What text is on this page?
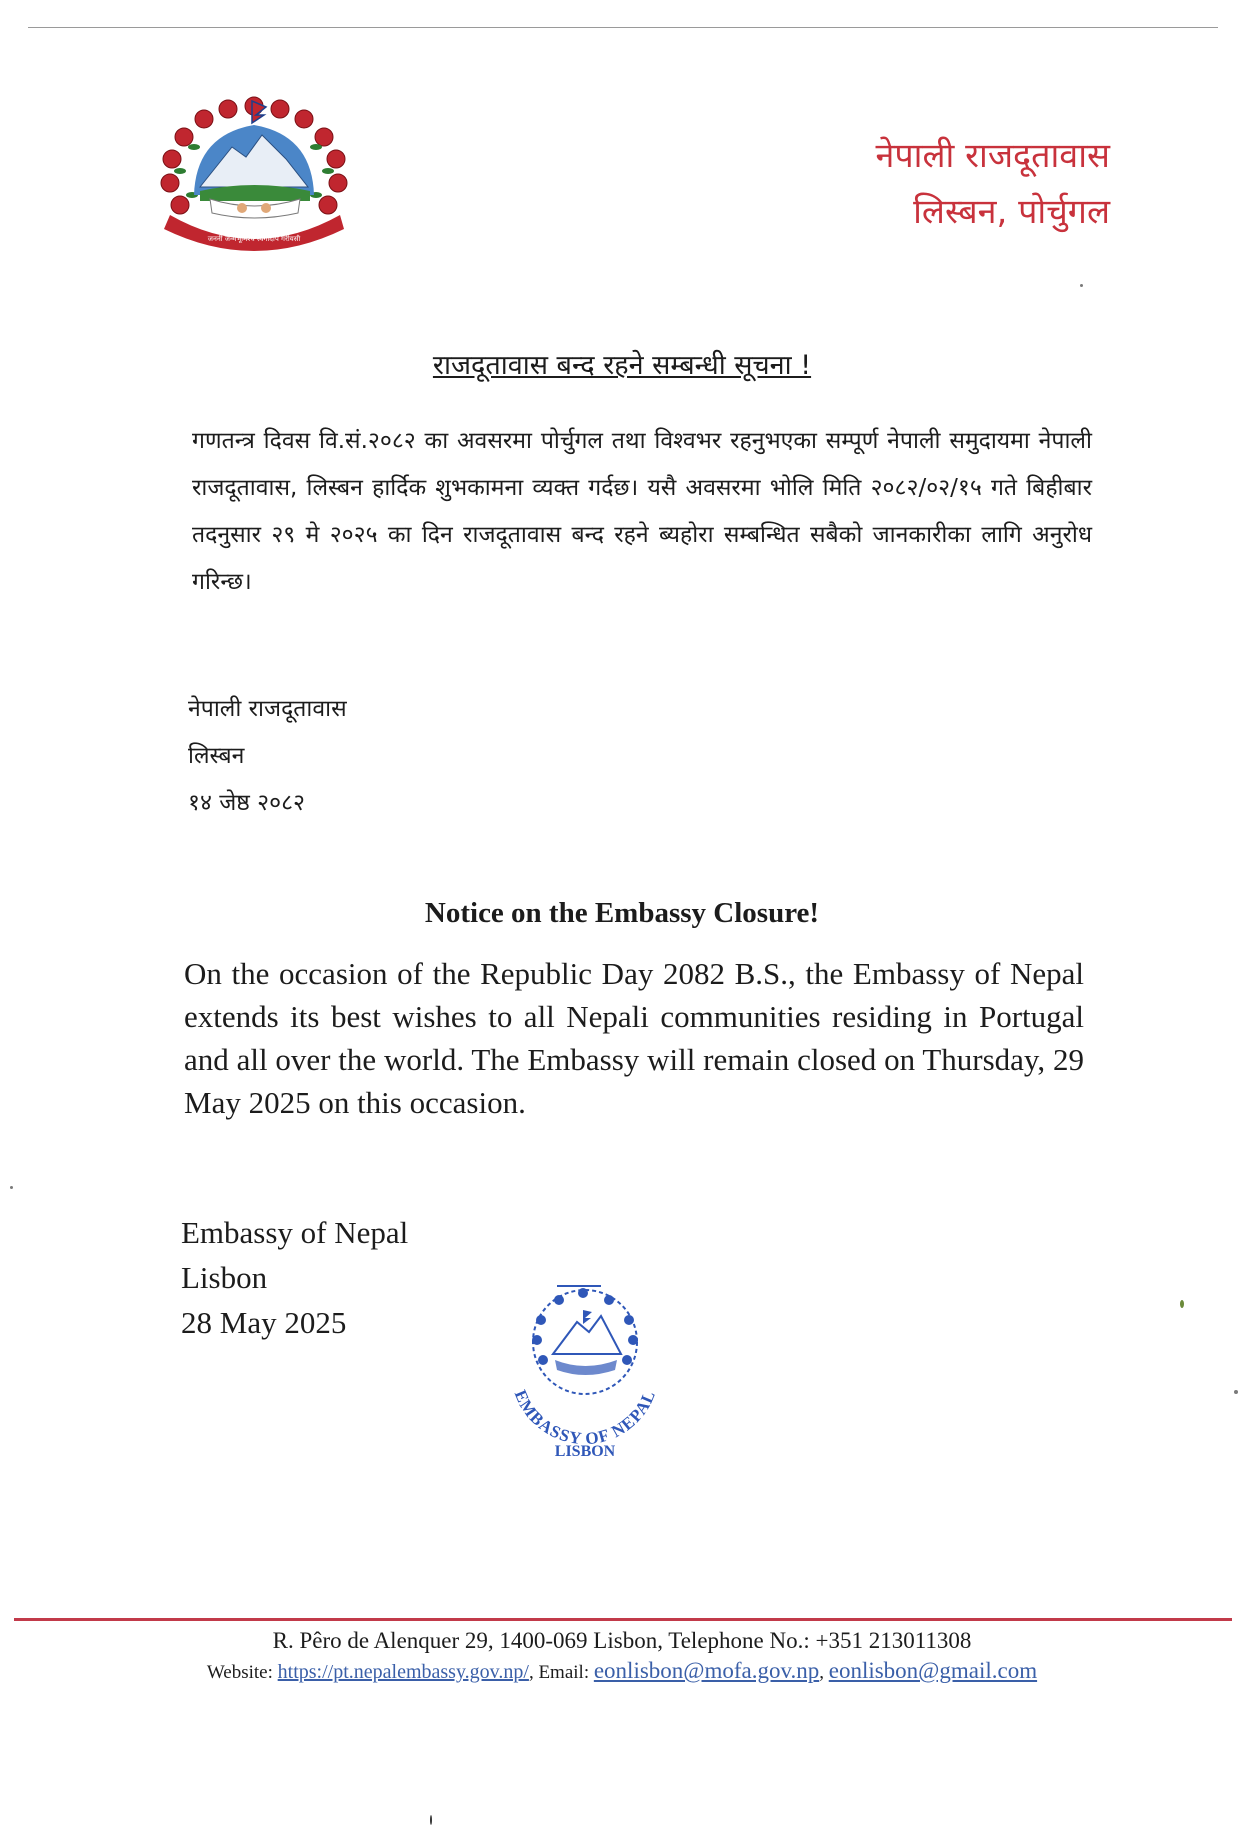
जननी जन्मभूमिश्च स्वर्गादपि गरीयसी
नेपाली राजदूतावास
लिस्बन, पोर्चुगल
राजदूतावास बन्द रहने सम्बन्धी सूचना !
गणतन्त्र दिवस वि.सं.२०८२ का अवसरमा पोर्चुगल तथा विश्वभर रहनुभएका सम्पूर्ण नेपाली समुदायमा नेपाली राजदूतावास, लिस्बन हार्दिक शुभकामना व्यक्त गर्दछ। यसै अवसरमा भोलि मिति २०८२/०२/१५ गते बिहीबार तदनुसार २९ मे २०२५ का दिन राजदूतावास बन्द रहने ब्यहोरा सम्बन्धित सबैको जानकारीका लागि अनुरोध गरिन्छ।
नेपाली राजदूतावास
लिस्बन
१४ जेष्ठ २०८२
Notice on the Embassy Closure!
On the occasion of the Republic Day 2082 B.S., the Embassy of Nepal extends its best wishes to all Nepali communities residing in Portugal and all over the world. The Embassy will remain closed on Thursday, 29 May 2025 on this occasion.
Embassy of Nepal
Lisbon
28 May 2025
EMBASSY OF NEPAL
LISBON
R. Pêro de Alenquer 29, 1400-069 Lisbon, Telephone No.: +351 213011308
Website: https://pt.nepalembassy.gov.np/, Email: eonlisbon@mofa.gov.np, eonlisbon@gmail.com
